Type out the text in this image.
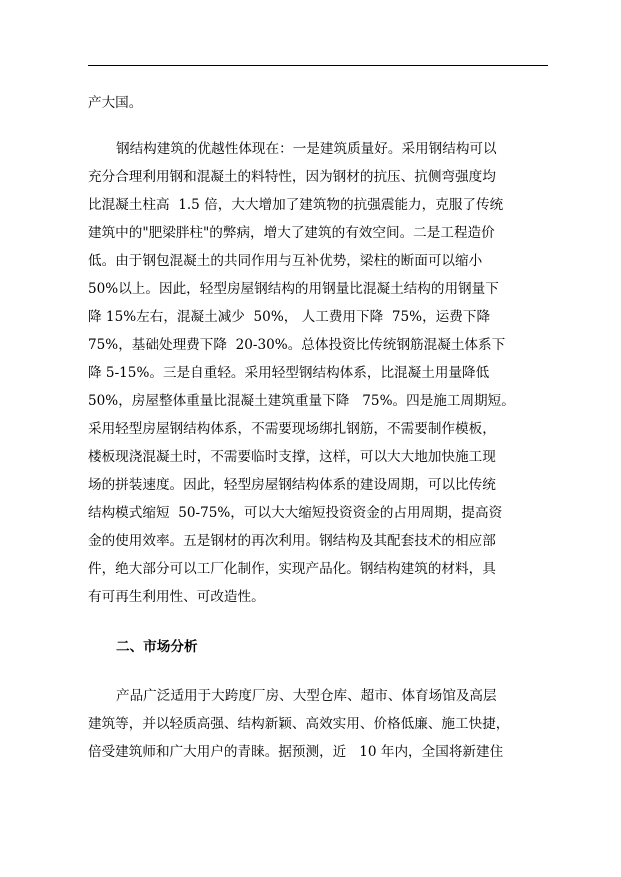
产大国。

钢结构建筑的优越性体现在：一是建筑质量好。采用钢结构可以

充分合理利用钢和混凝土的料特性，因为钢材的抗压、抗侧弯强度均

比混凝土柱高  1.5 倍，大大增加了建筑物的抗强震能力，克服了传统

建筑中的"肥梁胖柱"的弊病，增大了建筑的有效空间。二是工程造价

低。由于钢包混凝土的共同作用与互补优势，梁柱的断面可以缩小

50%以上。因此，轻型房屋钢结构的用钢量比混凝土结构的用钢量下

降 15%左右，混凝土减少  50%， 人工费用下降  75%，运费下降

75%，基础处理费下降  20-30%。总体投资比传统钢筋混凝土体系下

降 5-15%。三是自重轻。采用轻型钢结构体系，比混凝土用量降低

50%，房屋整体重量比混凝土建筑重量下降   75%。四是施工周期短。

采用轻型房屋钢结构体系，不需要现场绑扎钢筋，不需要制作模板，

楼板现浇混凝土时，不需要临时支撑，这样，可以大大地加快施工现

场的拼装速度。因此，轻型房屋钢结构体系的建设周期，可以比传统

结构模式缩短  50-75%，可以大大缩短投资资金的占用周期，提高资

金的使用效率。五是钢材的再次利用。钢结构及其配套技术的相应部

件，绝大部分可以工厂化制作，实现产品化。钢结构建筑的材料，具

有可再生利用性、可改造性。

二、市场分析

产品广泛适用于大跨度厂房、大型仓库、超市、体育场馆及高层

建筑等，并以轻质高强、结构新颖、高效实用、价格低廉、施工快捷，

倍受建筑师和广大用户的青睐。据预测，近   10 年内，全国将新建住
